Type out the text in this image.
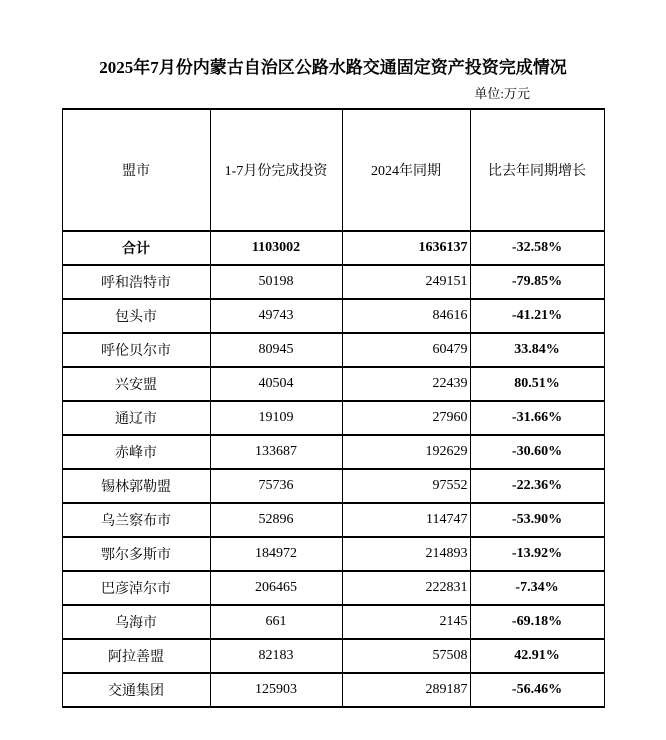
2025年7月份内蒙古自治区公路水路交通固定资产投资完成情况
单位:万元
盟市	1-7月份完成投资	2024年同期	比去年同期增长
合计	1103002	1636137	-32.58%
呼和浩特市	50198	249151	-79.85%
包头市	49743	84616	-41.21%
呼伦贝尔市	80945	60479	33.84%
兴安盟	40504	22439	80.51%
通辽市	19109	27960	-31.66%
赤峰市	133687	192629	-30.60%
锡林郭勒盟	75736	97552	-22.36%
乌兰察布市	52896	114747	-53.90%
鄂尔多斯市	184972	214893	-13.92%
巴彦淖尔市	206465	222831	-7.34%
乌海市	661	2145	-69.18%
阿拉善盟	82183	57508	42.91%
交通集团	125903	289187	-56.46%
